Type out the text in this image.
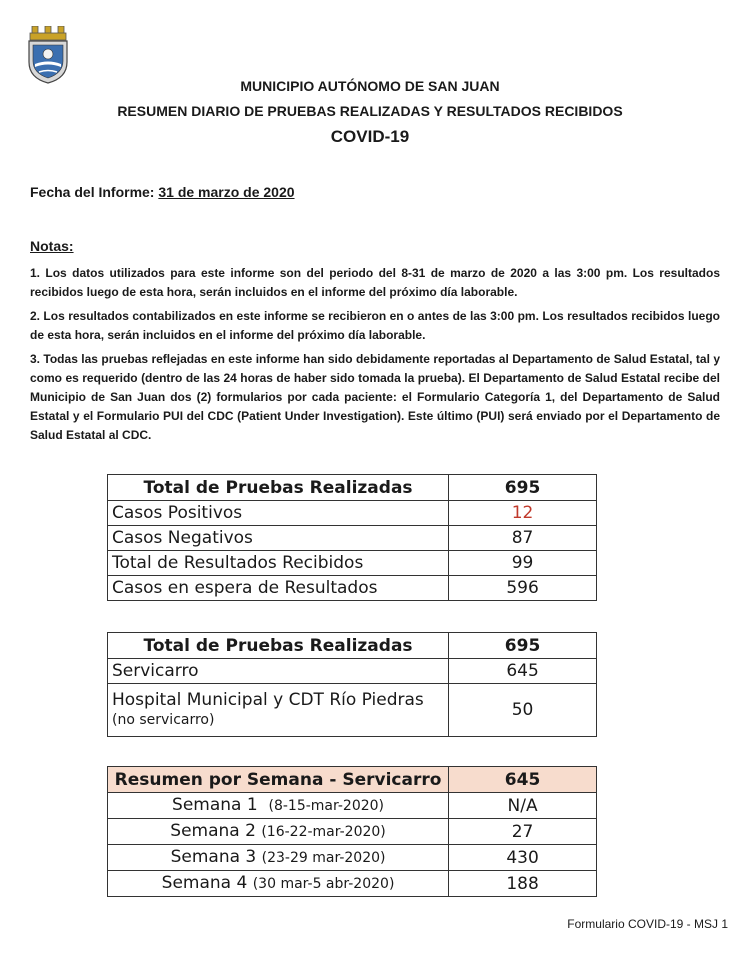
MUNICIPIO AUTÓNOMO DE SAN JUAN
RESUMEN DIARIO DE PRUEBAS REALIZADAS Y RESULTADOS RECIBIDOS
COVID-19
Fecha del Informe: 31 de marzo de 2020
Notas:

1. Los datos utilizados para este informe son del periodo del 8-31 de marzo de 2020 a las 3:00 pm. Los resultados recibidos luego de esta hora, serán incluidos en el informe del próximo día laborable.

2. Los resultados contabilizados en este informe se recibieron en o antes de las 3:00 pm. Los resultados recibidos luego de esta hora, serán incluidos en el informe del próximo día laborable.

3. Todas las pruebas reflejadas en este informe han sido debidamente reportadas al Departamento de Salud Estatal, tal y como es requerido (dentro de las 24 horas de haber sido tomada la prueba). El Departamento de Salud Estatal recibe del Municipio de San Juan dos (2) formularios por cada paciente: el Formulario Categoría 1, del Departamento de Salud Estatal y el Formulario PUI del CDC (Patient Under Investigation). Este último (PUI) será enviado por el Departamento de Salud Estatal al CDC.

Total de Pruebas Realizadas	695
Casos Positivos	12
Casos Negativos	87
Total de Resultados Recibidos	99
Casos en espera de Resultados	596
Total de Pruebas Realizadas	695
Servicarro	645

Hospital Municipal y CDT Río Piedras
(no servicarro)	50
Resumen por Semana - Servicarro	645
Semana 1 (8-15-mar-2020)	N/A
Semana 2 (16-22-mar-2020)	27
Semana 3 (23-29 mar-2020)	430
Semana 4 (30 mar-5 abr-2020)	188
Formulario COVID-19 - MSJ 1
